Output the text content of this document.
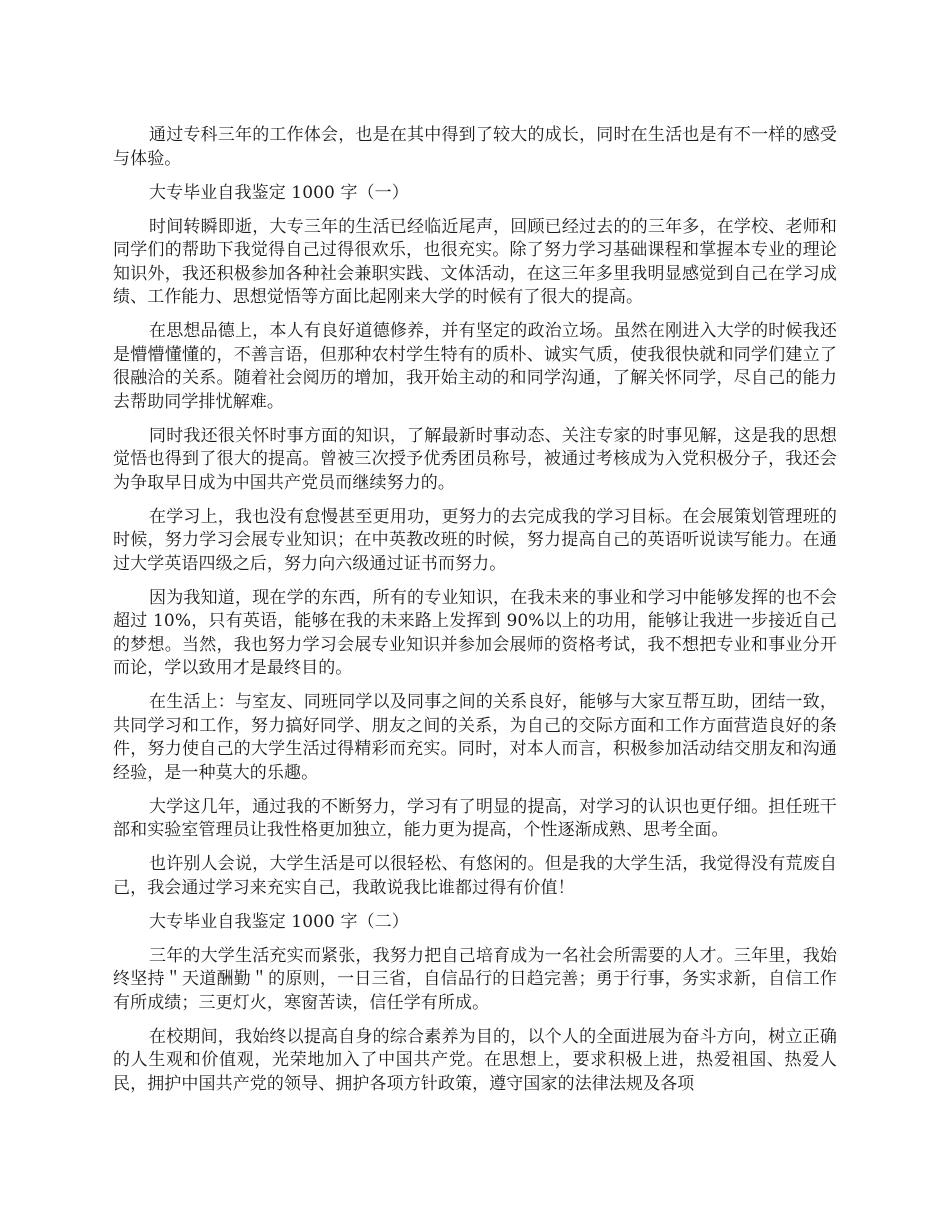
通过专科三年的工作体会，也是在其中得到了较大的成长，同时在生活也是有不一样的感受与体验。

大专毕业自我鉴定 1000 字（一）

时间转瞬即逝，大专三年的生活已经临近尾声，回顾已经过去的的三年多，在学校、老师和同学们的帮助下我觉得自己过得很欢乐，也很充实。除了努力学习基础课程和掌握本专业的理论知识外，我还积极参加各种社会兼职实践、文体活动，在这三年多里我明显感觉到自己在学习成绩、工作能力、思想觉悟等方面比起刚来大学的时候有了很大的提高。

在思想品德上，本人有良好道德修养，并有坚定的政治立场。虽然在刚进入大学的时候我还是懵懵懂懂的，不善言语，但那种农村学生特有的质朴、诚实气质，使我很快就和同学们建立了很融洽的关系。随着社会阅历的增加，我开始主动的和同学沟通，了解关怀同学，尽自己的能力去帮助同学排忧解难。

同时我还很关怀时事方面的知识，了解最新时事动态、关注专家的时事见解，这是我的思想觉悟也得到了很大的提高。曾被三次授予优秀团员称号，被通过考核成为入党积极分子，我还会为争取早日成为中国共产党员而继续努力的。

在学习上，我也没有怠慢甚至更用功，更努力的去完成我的学习目标。在会展策划管理班的时候，努力学习会展专业知识；在中英教改班的时候，努力提高自己的英语听说读写能力。在通过大学英语四级之后，努力向六级通过证书而努力。

因为我知道，现在学的东西，所有的专业知识，在我未来的事业和学习中能够发挥的也不会超过 10%，只有英语，能够在我的未来路上发挥到 90%以上的功用，能够让我进一步接近自己的梦想。当然，我也努力学习会展专业知识并参加会展师的资格考试，我不想把专业和事业分开而论，学以致用才是最终目的。

在生活上：与室友、同班同学以及同事之间的关系良好，能够与大家互帮互助，团结一致，共同学习和工作，努力搞好同学、朋友之间的关系，为自己的交际方面和工作方面营造良好的条件，努力使自己的大学生活过得精彩而充实。同时，对本人而言，积极参加活动结交朋友和沟通经验，是一种莫大的乐趣。

大学这几年，通过我的不断努力，学习有了明显的提高，对学习的认识也更仔细。担任班干部和实验室管理员让我性格更加独立，能力更为提高，个性逐渐成熟、思考全面。

也许别人会说，大学生活是可以很轻松、有悠闲的。但是我的大学生活，我觉得没有荒废自己，我会通过学习来充实自己，我敢说我比谁都过得有价值！

大专毕业自我鉴定 1000 字（二）

三年的大学生活充实而紧张，我努力把自己培育成为一名社会所需要的人才。三年里，我始终坚持＂天道酬勤＂的原则，一日三省，自信品行的日趋完善；勇于行事，务实求新，自信工作有所成绩；三更灯火，寒窗苦读，信任学有所成。

在校期间，我始终以提高自身的综合素养为目的，以个人的全面进展为奋斗方向，树立正确的人生观和价值观，光荣地加入了中国共产党。在思想上，要求积极上进，热爱祖国、热爱人民，拥护中国共产党的领导、拥护各项方针政策，遵守国家的法律法规及各项
